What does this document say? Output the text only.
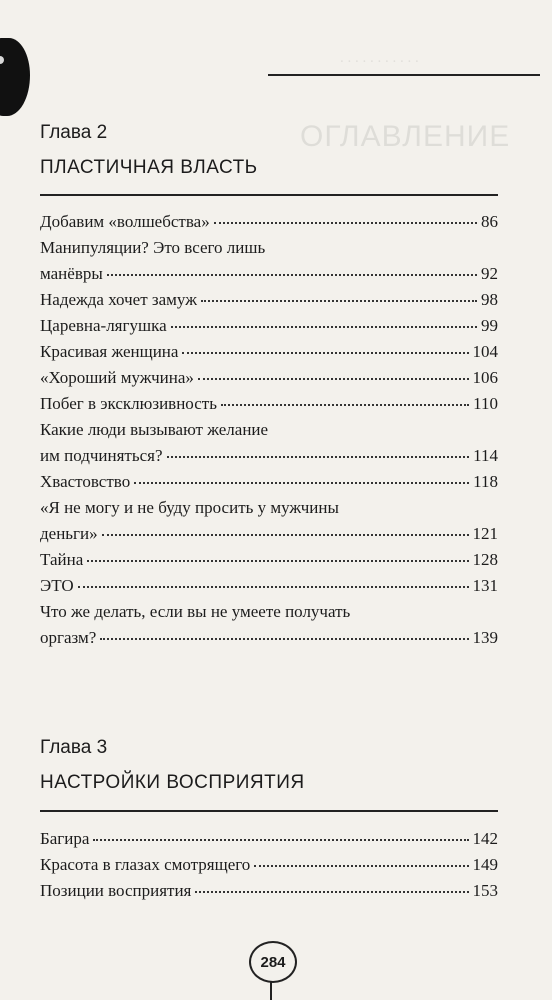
ОГЛАВЛЕНИЕ
. . . . . . . . . . .
Глава 2
ПЛАСТИЧНАЯ ВЛАСТЬ
Добавим «волшебства»	86
Манипуляции? Это всего лишь
манёвры	92
Надежда хочет замуж	98
Царевна-лягушка	99
Красивая женщина	104
«Хороший мужчина»	106
Побег в эксклюзивность	110
Какие люди вызывают желание
им подчиняться?	114
Хвастовство	118
«Я не могу и не буду просить у мужчины
деньги»	121
Тайна	128
ЭТО	131
Что же делать, если вы не умеете получать
оргазм?	139
Глава 3
НАСТРОЙКИ ВОСПРИЯТИЯ
Багира	142
Красота в глазах смотрящего	149
Позиции восприятия	153
284
